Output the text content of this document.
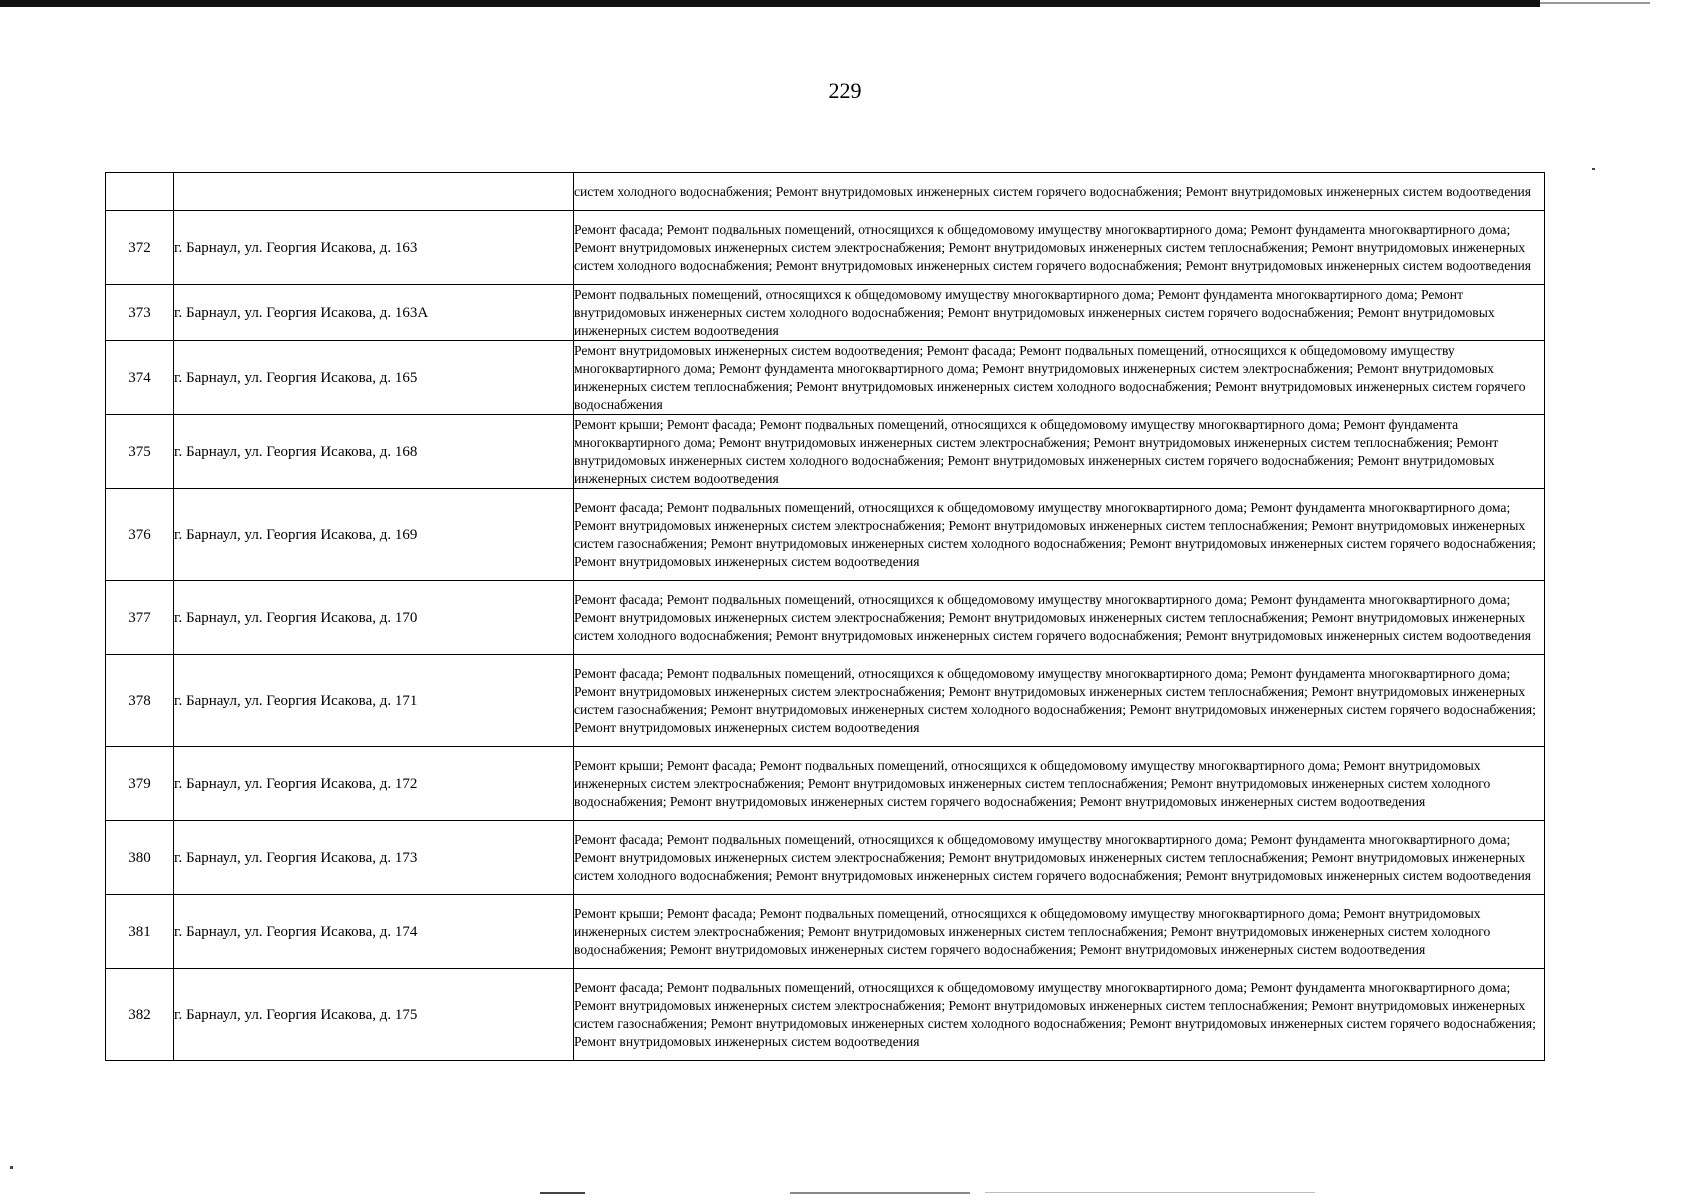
229
		систем холодного водоснабжения; Ремонт внутридомовых инженерных систем горячего водоснабжения; Ремонт внутридомовых инженерных систем водоотведения
372	г. Барнаул, ул. Георгия Исакова, д. 163	Ремонт фасада; Ремонт подвальных помещений, относящихся к общедомовому имуществу многоквартирного дома; Ремонт фундамента многоквартирного дома; Ремонт внутридомовых инженерных систем электроснабжения; Ремонт внутридомовых инженерных систем теплоснабжения; Ремонт внутридомовых инженерных систем холодного водоснабжения; Ремонт внутридомовых инженерных систем горячего водоснабжения; Ремонт внутридомовых инженерных систем водоотведения
373	г. Барнаул, ул. Георгия Исакова, д. 163А	Ремонт подвальных помещений, относящихся к общедомовому имуществу многоквартирного дома; Ремонт фундамента многоквартирного дома; Ремонт внутридомовых инженерных систем холодного водоснабжения; Ремонт внутридомовых инженерных систем горячего водоснабжения; Ремонт внутридомовых инженерных систем водоотведения
374	г. Барнаул, ул. Георгия Исакова, д. 165	Ремонт внутридомовых инженерных систем водоотведения; Ремонт фасада; Ремонт подвальных помещений, относящихся к общедомовому имуществу многоквартирного дома; Ремонт фундамента многоквартирного дома; Ремонт внутридомовых инженерных систем электроснабжения; Ремонт внутридомовых инженерных систем теплоснабжения; Ремонт внутридомовых инженерных систем холодного водоснабжения; Ремонт внутридомовых инженерных систем горячего водоснабжения
375	г. Барнаул, ул. Георгия Исакова, д. 168	Ремонт крыши; Ремонт фасада; Ремонт подвальных помещений, относящихся к общедомовому имуществу многоквартирного дома; Ремонт фундамента многоквартирного дома; Ремонт внутридомовых инженерных систем электроснабжения; Ремонт внутридомовых инженерных систем теплоснабжения; Ремонт внутридомовых инженерных систем холодного водоснабжения; Ремонт внутридомовых инженерных систем горячего водоснабжения; Ремонт внутридомовых инженерных систем водоотведения
376	г. Барнаул, ул. Георгия Исакова, д. 169	Ремонт фасада; Ремонт подвальных помещений, относящихся к общедомовому имуществу многоквартирного дома; Ремонт фундамента многоквартирного дома; Ремонт внутридомовых инженерных систем электроснабжения; Ремонт внутридомовых инженерных систем теплоснабжения; Ремонт внутридомовых инженерных систем газоснабжения; Ремонт внутридомовых инженерных систем холодного водоснабжения; Ремонт внутридомовых инженерных систем горячего водоснабжения; Ремонт внутридомовых инженерных систем водоотведения
377	г. Барнаул, ул. Георгия Исакова, д. 170	Ремонт фасада; Ремонт подвальных помещений, относящихся к общедомовому имуществу многоквартирного дома; Ремонт фундамента многоквартирного дома; Ремонт внутридомовых инженерных систем электроснабжения; Ремонт внутридомовых инженерных систем теплоснабжения; Ремонт внутридомовых инженерных систем холодного водоснабжения; Ремонт внутридомовых инженерных систем горячего водоснабжения; Ремонт внутридомовых инженерных систем водоотведения
378	г. Барнаул, ул. Георгия Исакова, д. 171	Ремонт фасада; Ремонт подвальных помещений, относящихся к общедомовому имуществу многоквартирного дома; Ремонт фундамента многоквартирного дома; Ремонт внутридомовых инженерных систем электроснабжения; Ремонт внутридомовых инженерных систем теплоснабжения; Ремонт внутридомовых инженерных систем газоснабжения; Ремонт внутридомовых инженерных систем холодного водоснабжения; Ремонт внутридомовых инженерных систем горячего водоснабжения; Ремонт внутридомовых инженерных систем водоотведения
379	г. Барнаул, ул. Георгия Исакова, д. 172	Ремонт крыши; Ремонт фасада; Ремонт подвальных помещений, относящихся к общедомовому имуществу многоквартирного дома; Ремонт внутридомовых инженерных систем электроснабжения; Ремонт внутридомовых инженерных систем теплоснабжения; Ремонт внутридомовых инженерных систем холодного водоснабжения; Ремонт внутридомовых инженерных систем горячего водоснабжения; Ремонт внутридомовых инженерных систем водоотведения
380	г. Барнаул, ул. Георгия Исакова, д. 173	Ремонт фасада; Ремонт подвальных помещений, относящихся к общедомовому имуществу многоквартирного дома; Ремонт фундамента многоквартирного дома; Ремонт внутридомовых инженерных систем электроснабжения; Ремонт внутридомовых инженерных систем теплоснабжения; Ремонт внутридомовых инженерных систем холодного водоснабжения; Ремонт внутридомовых инженерных систем горячего водоснабжения; Ремонт внутридомовых инженерных систем водоотведения
381	г. Барнаул, ул. Георгия Исакова, д. 174	Ремонт крыши; Ремонт фасада; Ремонт подвальных помещений, относящихся к общедомовому имуществу многоквартирного дома; Ремонт внутридомовых инженерных систем электроснабжения; Ремонт внутридомовых инженерных систем теплоснабжения; Ремонт внутридомовых инженерных систем холодного водоснабжения; Ремонт внутридомовых инженерных систем горячего водоснабжения; Ремонт внутридомовых инженерных систем водоотведения
382	г. Барнаул, ул. Георгия Исакова, д. 175	Ремонт фасада; Ремонт подвальных помещений, относящихся к общедомовому имуществу многоквартирного дома; Ремонт фундамента многоквартирного дома; Ремонт внутридомовых инженерных систем электроснабжения; Ремонт внутридомовых инженерных систем теплоснабжения; Ремонт внутридомовых инженерных систем газоснабжения; Ремонт внутридомовых инженерных систем холодного водоснабжения; Ремонт внутридомовых инженерных систем горячего водоснабжения; Ремонт внутридомовых инженерных систем водоотведения
